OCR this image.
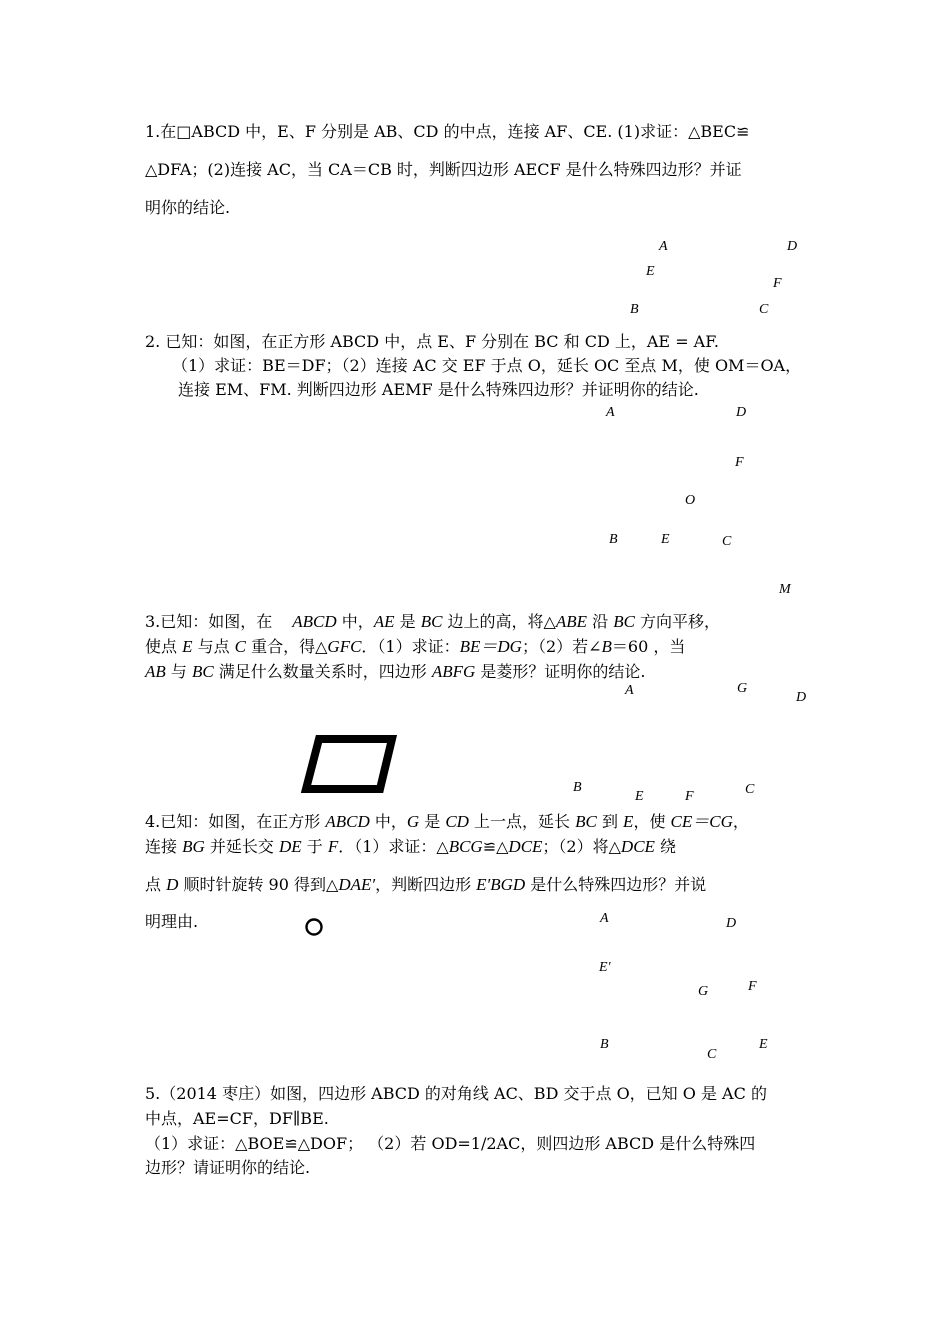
1.在□ABCD 中，E、F 分别是 AB、CD 的中点，连接 AF、CE. (1)求证：△BEC≌
△DFA；(2)连接 AC，当 CA＝CB 时，判断四边形 AECF 是什么特殊四边形？并证
明你的结论.
A	D
E
F
B	C
2. 已知：如图，在正方形 ABCD 中，点 E、F 分别在 BC 和 CD 上，AE = AF.
（1）求证：BE＝DF；（2）连接 AC 交 EF 于点 O，延长 OC 至点 M，使 OM＝OA，
连接 EM、FM. 判断四边形 AEMF 是什么特殊四边形？并证明你的结论.
A	D
F
O
B	E	C
M
3.已知：如图，在 ABCD 中，AE 是 BC 边上的高，将△ABE 沿 BC 方向平移，
使点 E 与点 C 重合，得△GFC．（1）求证：BE＝DG；（2）若∠B＝60 ，当
AB 与 BC 满足什么数量关系时，四边形 ABFG 是菱形？证明你的结论.
A	G
D
B
E	F	C
4.已知：如图，在正方形 ABCD 中，G 是 CD 上一点，延长 BC 到 E，使 CE＝CG，
连接 BG 并延长交 DE 于 F．（1）求证：△BCG≌△DCE；（2）将△DCE 绕
点 D 顺时针旋转 90 得到△DAE′，判断四边形 E′BGD 是什么特殊四边形？并说
明理由.	A	D
E′
G	F
B
C
E
5.（2014 枣庄）如图，四边形 ABCD 的对角线 AC、BD 交于点 O，已知 O 是 AC 的
中点，AE=CF，DF∥BE.
（1）求证：△BOE≌△DOF； （2）若 OD=1/2AC，则四边形 ABCD 是什么特殊四
边形？请证明你的结论.
